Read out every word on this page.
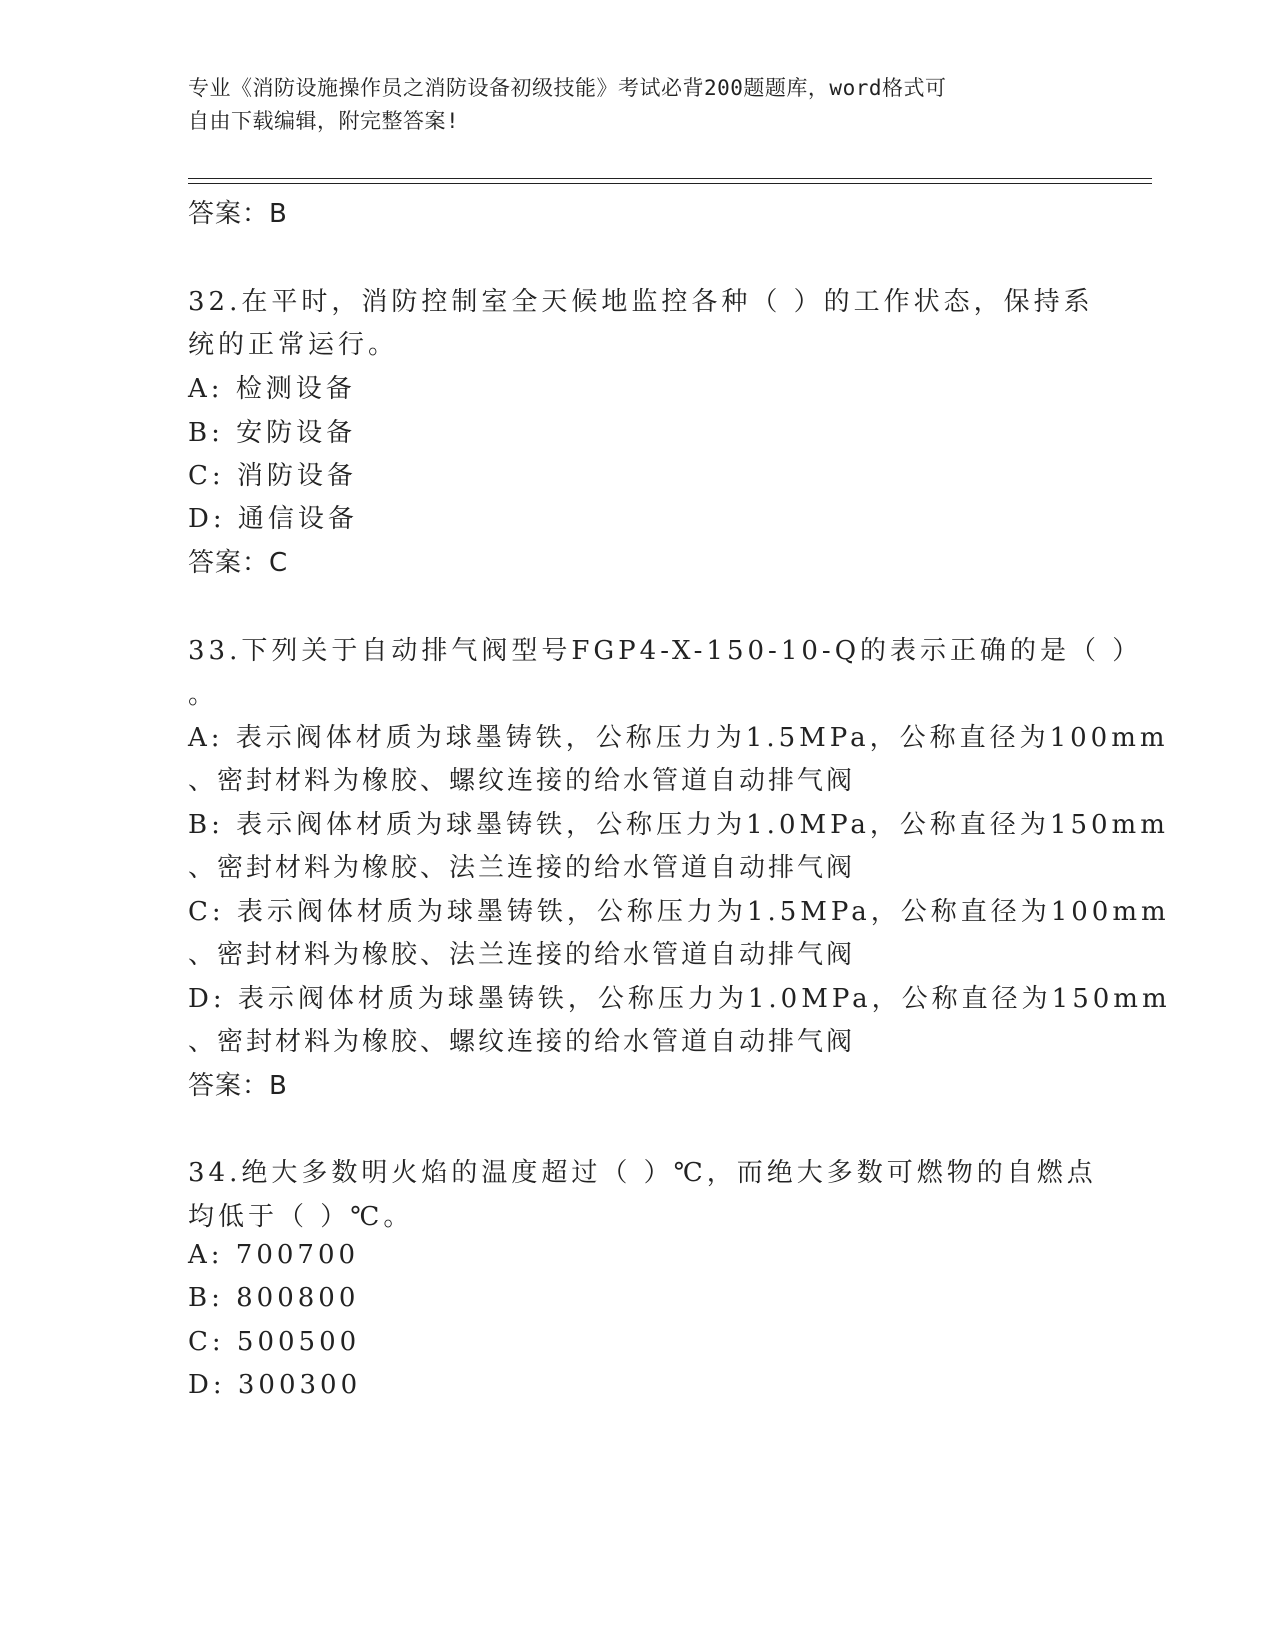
专业《消防设施操作员之消防设备初级技能》考试必背200题题库，word格式可
自由下载编辑，附完整答案!
答案：B
32.在平时，消防控制室全天候地监控各种（ ）的工作状态，保持系
统的正常运行。
A: 检测设备
B: 安防设备
C: 消防设备
D: 通信设备
答案：C
33.下列关于自动排气阀型号FGP4-X-150-10-Q的表示正确的是（ ）
。
A: 表示阀体材质为球墨铸铁，公称压力为1.5MPa，公称直径为100mm
、密封材料为橡胶、螺纹连接的给水管道自动排气阀
B: 表示阀体材质为球墨铸铁，公称压力为1.0MPa，公称直径为150mm
、密封材料为橡胶、法兰连接的给水管道自动排气阀
C: 表示阀体材质为球墨铸铁，公称压力为1.5MPa，公称直径为100mm
、密封材料为橡胶、法兰连接的给水管道自动排气阀
D: 表示阀体材质为球墨铸铁，公称压力为1.0MPa，公称直径为150mm
、密封材料为橡胶、螺纹连接的给水管道自动排气阀
答案：B
34.绝大多数明火焰的温度超过（ ）℃，而绝大多数可燃物的自燃点
均低于（ ）℃。
A: 700700
B: 800800
C: 500500
D: 300300
